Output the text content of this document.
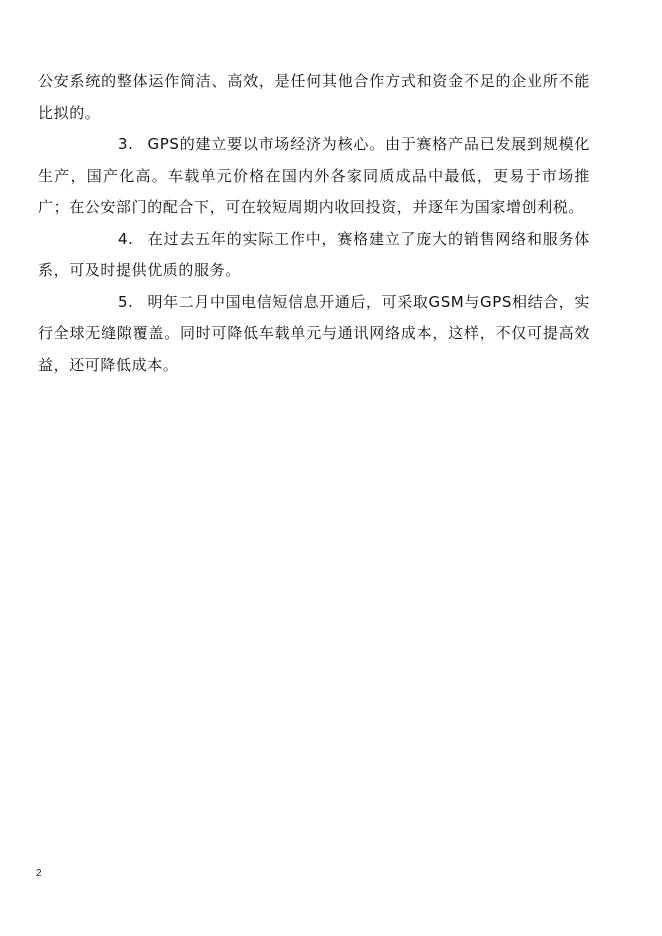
公安系统的整体运作简洁、高效，是任何其他合作方式和资金不足的企业所不能比拟的。

3. GPS的建立要以市场经济为核心。由于赛格产品已发展到规模化生产，国产化高。车载单元价格在国内外各家同质成品中最低，更易于市场推广；在公安部门的配合下，可在较短周期内收回投资，并逐年为国家增创利税。

4. 在过去五年的实际工作中，赛格建立了庞大的销售网络和服务体系，可及时提供优质的服务。

5. 明年二月中国电信短信息开通后，可采取GSM与GPS相结合，实行全球无缝隙覆盖。同时可降低车载单元与通讯网络成本，这样，不仅可提高效益，还可降低成本。

2
